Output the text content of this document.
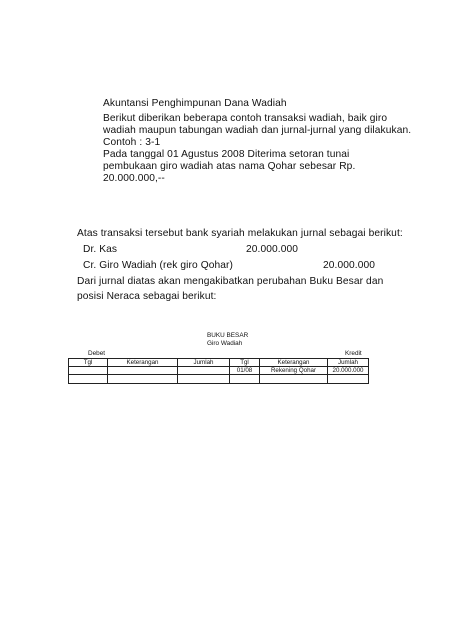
Akuntansi Penghimpunan Dana Wadiah
Berikut diberikan beberapa contoh transaksi wadiah, baik giro
wadiah maupun tabungan wadiah dan jurnal-jurnal yang dilakukan.
Contoh : 3-1
Pada tanggal 01 Agustus 2008 Diterima setoran tunai
pembukaan giro wadiah atas nama Qohar sebesar Rp.
20.000.000,--
Atas transaksi tersebut bank syariah melakukan jurnal sebagai berikut:
Dr. Kas	20.000.000
Cr. Giro Wadiah (rek giro Qohar)	20.000.000
Dari jurnal diatas akan mengakibatkan perubahan Buku Besar dan
posisi Neraca sebagai berikut:
BUKU BESAR
Giro Wadiah
Debet	Kredit
Tgl	Keterangan	Jumlah	Tgl	Keterangan	Jumlah
			01/08	Rekening Qohar	20.000.000
